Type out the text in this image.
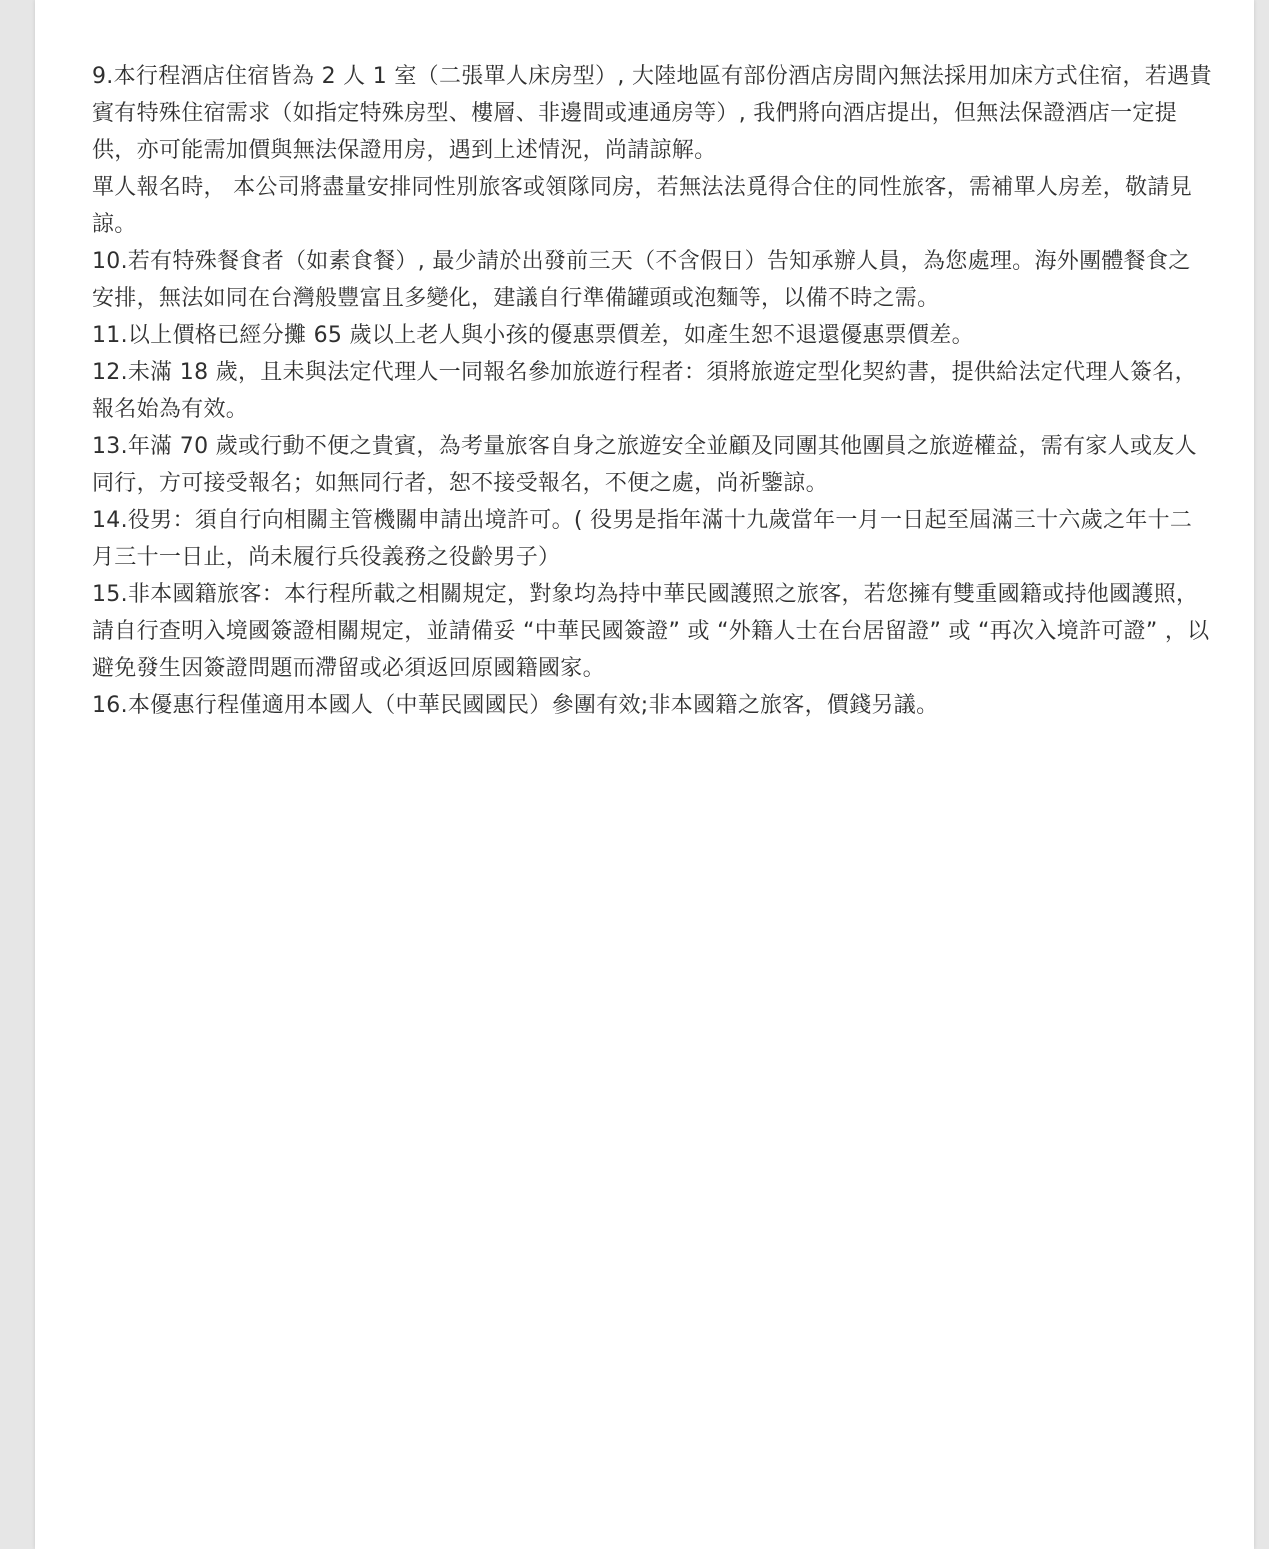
9.本行程酒店住宿皆為 2 人 1 室（二張單人床房型）, 大陸地區有部份酒店房間內無法採用加床方式住宿，若遇貴賓有特殊住宿需求（如指定特殊房型、樓層、非邊間或連通房等）, 我們將向酒店提出，但無法保證酒店一定提供，亦可能需加價與無法保證用房，遇到上述情況，尚請諒解。

單人報名時， 本公司將盡量安排同性別旅客或領隊同房，若無法法覓得合住的同性旅客，需補單人房差，敬請見諒。

10.若有特殊餐食者（如素食餐）, 最少請於出發前三天（不含假日）告知承辦人員，為您處理。海外團體餐食之安排，無法如同在台灣般豐富且多變化，建議自行準備罐頭或泡麵等，以備不時之需。

11.以上價格已經分攤 65 歲以上老人與小孩的優惠票價差，如產生恕不退還優惠票價差。

12.未滿 18 歲，且未與法定代理人一同報名參加旅遊行程者：須將旅遊定型化契約書，提供給法定代理人簽名，報名始為有效。

13.年滿 70 歲或行動不便之貴賓，為考量旅客自身之旅遊安全並顧及同團其他團員之旅遊權益，需有家人或友人同行，方可接受報名；如無同行者，恕不接受報名，不便之處，尚祈鑒諒。

14.役男：須自行向相關主管機關申請出境許可。( 役男是指年滿十九歲當年一月一日起至屆滿三十六歲之年十二月三十一日止，尚未履行兵役義務之役齡男子）

15.非本國籍旅客：本行程所載之相關規定，對象均為持中華民國護照之旅客，若您擁有雙重國籍或持他國護照，請自行查明入境國簽證相關規定，並請備妥 “中華民國簽證” 或 “外籍人士在台居留證” 或 “再次入境許可證” ，以避免發生因簽證問題而滯留或必須返回原國籍國家。

16.本優惠行程僅適用本國人（中華民國國民）參團有效;非本國籍之旅客，價錢另議。
